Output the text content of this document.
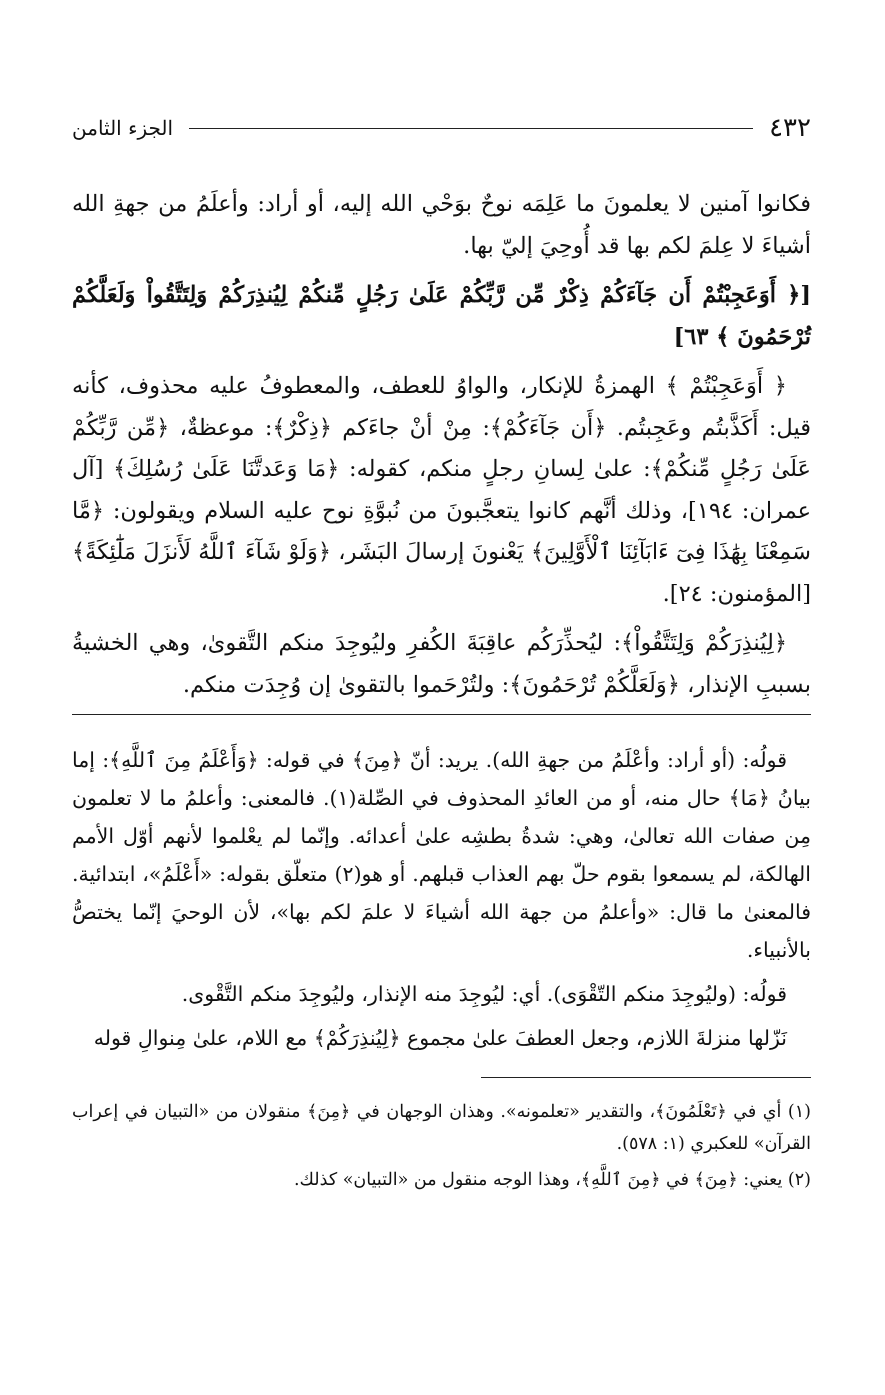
٤٣٢
الجزء الثامن

فكانوا آمنين لا يعلمونَ ما عَلِمَه نوحٌ بوَحْي الله إليه، أو أراد: وأعلَمُ من جهةِ الله أشياءَ لا عِلمَ لكم بها قد أُوحِيَ إليّ بها.

[﴿ أَوَعَجِبْتُمْ أَن جَآءَكُمْ ذِكْرٌ مِّن رَّبِّكُمْ عَلَىٰ رَجُلٍ مِّنكُمْ لِيُنذِرَكُمْ وَلِتَتَّقُواْ وَلَعَلَّكُمْ تُرْحَمُونَ ﴾ ٦٣]

﴿ أَوَعَجِبْتُمْ ﴾ الهمزةُ للإنكار، والواوُ للعطف، والمعطوفُ عليه محذوف، كأنه قيل: أَكَذَّبتُم وعَجِبتُم. ﴿أَن جَآءَكُمْ﴾: مِنْ أنْ جاءَكم ﴿ذِكْرٌ﴾: موعظةٌ، ﴿مِّن رَّبِّكُمْ عَلَىٰ رَجُلٍ مِّنكُمْ﴾: علىٰ لِسانِ رجلٍ منكم، كقوله: ﴿مَا وَعَدتَّنَا عَلَىٰ رُسُلِكَ﴾ [آل عمران: ١٩٤]، وذلك أنَّهم كانوا يتعجَّبونَ من نُبوَّةِ نوح عليه السلام ويقولون: ﴿مَّا سَمِعْنَا بِهَٰذَا فِىٓ ءَابَآئِنَا ٱلْأَوَّلِينَ﴾ يَعْنونَ إرسالَ البَشَر، ﴿وَلَوْ شَآءَ ٱللَّهُ لَأَنزَلَ مَلَٰٓئِكَةً﴾ [المؤمنون: ٢٤].

﴿لِيُنذِرَكُمْ وَلِتَتَّقُواْ﴾: ليُحذِّرَكُم عاقِبَةَ الكُفرِ وليُوجِدَ منكم التَّقوىٰ، وهي الخشيةُ بسببِ الإنذار، ﴿وَلَعَلَّكُمْ تُرْحَمُونَ﴾: ولتُرْحَموا بالتقوىٰ إن وُجِدَت منكم.

قولُه: (أو أراد: وأعْلَمُ من جهةِ الله). يريد: أنّ ﴿مِنَ﴾ في قوله: ﴿وَأَعْلَمُ مِنَ ٱللَّهِ﴾: إما بيانُ ﴿مَا﴾ حال منه، أو من العائدِ المحذوف في الصِّلة(١). فالمعنى: وأعلمُ ما لا تعلمون مِن صفات الله تعالىٰ، وهي: شدةُ بطشِه علىٰ أعدائه. وإنّما لم يعْلموا لأنهم أوّل الأمم الهالكة، لم يسمعوا بقوم حلّ بهم العذاب قبلهم. أو هو(٢) متعلّق بقوله: «أَعْلَمُ»، ابتدائية. فالمعنىٰ ما قال: «وأعلمُ من جهة الله أشياءَ لا علمَ لكم بها»، لأن الوحيَ إنّما يختصُّ بالأنبياء.

قولُه: (وليُوجِدَ منكم التّقْوَى). أي: ليُوجِدَ منه الإنذار، وليُوجِدَ منكم التَّقْوى.

نَزّلها منزلةَ اللازم، وجعل العطفَ علىٰ مجموع ﴿لِيُنذِرَكُمْ﴾ مع اللام، علىٰ مِنوالِ قوله

(١) أي في ﴿تَعْلَمُونَ﴾، والتقدير «تعلمونه». وهذان الوجهان في ﴿مِنَ﴾ منقولان من «التبيان في إعراب القرآن» للعكبري (١: ٥٧٨).

(٢) يعني: ﴿مِنَ﴾ في ﴿مِنَ ٱللَّهِ﴾، وهذا الوجه منقول من «التبيان» كذلك.
